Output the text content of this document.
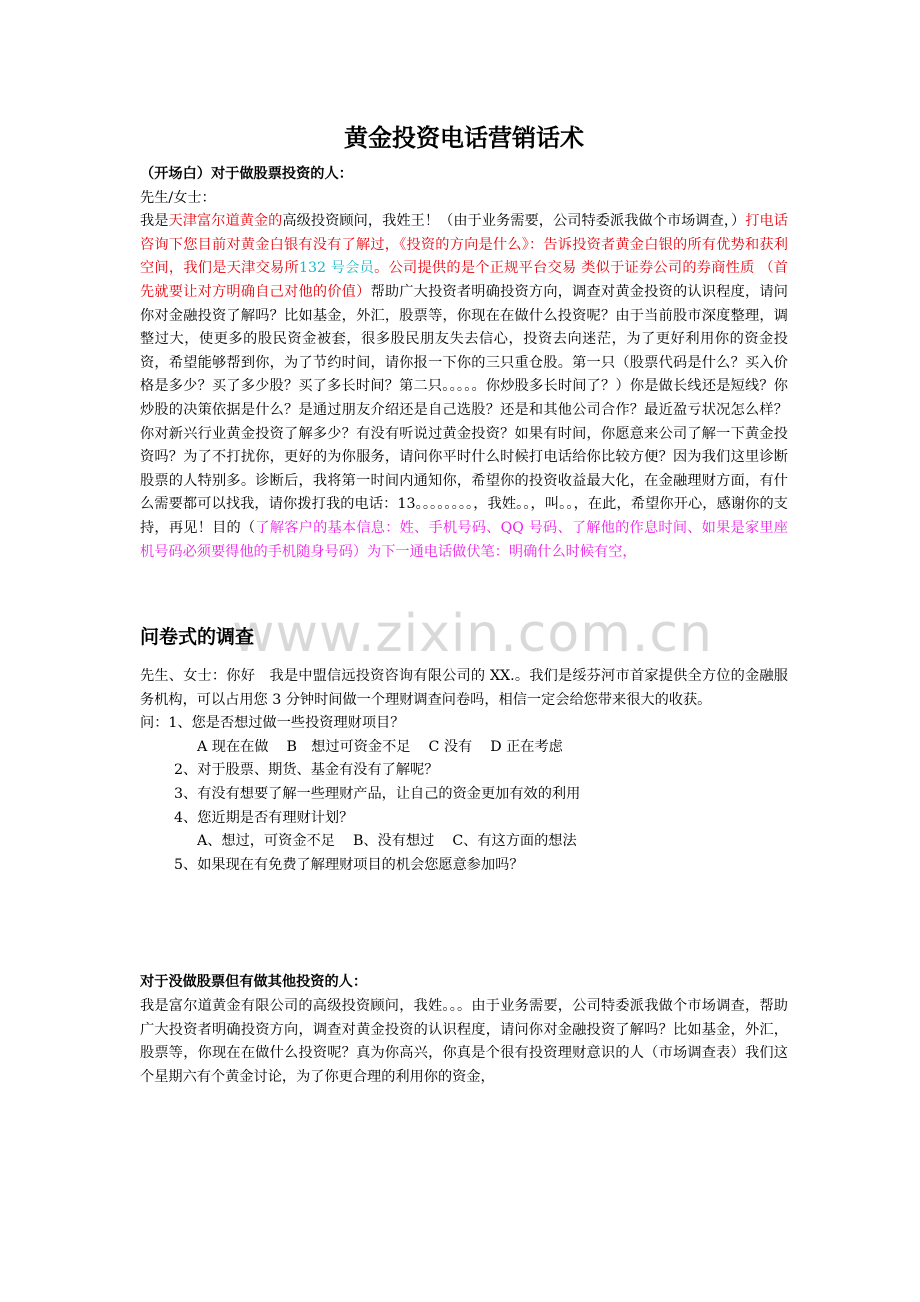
www.zixin.com.cn
黄金投资电话营销话术
（开场白）对于做股票投资的人：
先生/女士：

我是天津富尔道黄金的高级投资顾问，我姓王！（由于业务需要，公司特委派我做个市场调查，）打电话咨询下您目前对黄金白银有没有了解过，《投资的方向是什么》：告诉投资者黄金白银的所有优势和获利空间，我们是天津交易所132 号会员。公司提供的是个正规平台交易 类似于证券公司的券商性质 （首先就要让对方明确自己对他的价值）帮助广大投资者明确投资方向，调查对黄金投资的认识程度，请问你对金融投资了解吗？比如基金，外汇，股票等，你现在在做什么投资呢？由于当前股市深度整理，调整过大，使更多的股民资金被套，很多股民朋友失去信心，投资去向迷茫，为了更好利用你的资金投资，希望能够帮到你，为了节约时间，请你报一下你的三只重仓股。第一只（股票代码是什么？买入价格是多少？买了多少股？买了多长时间？第二只。。。。。你炒股多长时间了？）你是做长线还是短线？你炒股的决策依据是什么？是通过朋友介绍还是自己选股？还是和其他公司合作？最近盈亏状况怎么样？你对新兴行业黄金投资了解多少？有没有听说过黄金投资？如果有时间，你愿意来公司了解一下黄金投资吗？为了不打扰你，更好的为你服务，请问你平时什么时候打电话给你比较方便？因为我们这里诊断股票的人特别多。诊断后，我将第一时间内通知你，希望你的投资收益最大化，在金融理财方面，有什么需要都可以找我，请你拨打我的电话：13。。。。。。。。，我姓。。，叫。。，在此，希望你开心，感谢你的支持，再见！目的（了解客户的基本信息：姓、手机号码、QQ 号码、了解他的作息时间、如果是家里座机号码必须要得他的手机随身号码）为下一通电话做伏笔：明确什么时候有空，

问卷式的调查

先生、女士：你好　我是中盟信远投资咨询有限公司的 XX.。我们是绥芬河市首家提供全方位的金融服务机构，可以占用您 3 分钟时间做一个理财调查问卷吗，相信一定会给您带来很大的收获。

问：1、您是否想过做一些投资理财项目？
A 现在在做 B　想过可资金不足 C 没有 D 正在考虑
2、对于股票、期货、基金有没有了解呢？
3、有没有想要了解一些理财产品，让自己的资金更加有效的利用
4、您近期是否有理财计划？
A、想过，可资金不足 B、没有想过 C、有这方面的想法
5、如果现在有免费了解理财项目的机会您愿意参加吗？
对于没做股票但有做其他投资的人：

我是富尔道黄金有限公司的高级投资顾问，我姓。。。由于业务需要，公司特委派我做个市场调查，帮助广大投资者明确投资方向，调查对黄金投资的认识程度，请问你对金融投资了解吗？比如基金，外汇，股票等，你现在在做什么投资呢？真为你高兴，你真是个很有投资理财意识的人（市场调查表）我们这个星期六有个黄金讨论，为了你更合理的利用你的资金，
